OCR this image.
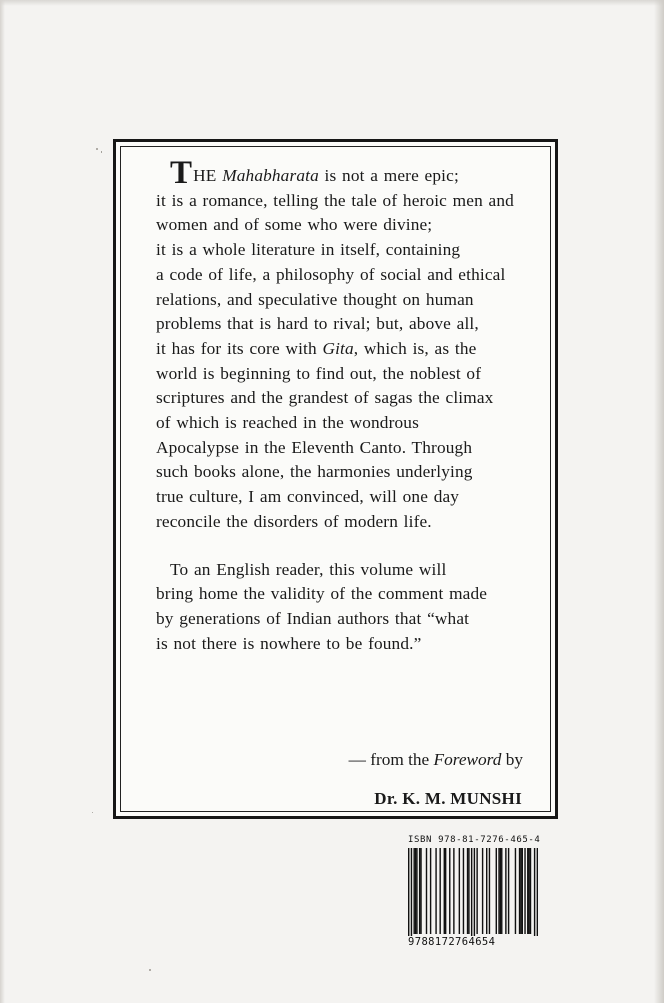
THE Mahabharata is not a mere epic;
it is a romance, telling the tale of heroic men and
women and of some who were divine;
it is a whole literature in itself, containing
a code of life, a philosophy of social and ethical
relations, and speculative thought on human
problems that is hard to rival; but, above all,
it has for its core with Gita, which is, as the
world is beginning to find out, the noblest of
scriptures and the grandest of sagas the climax
of which is reached in the wondrous
Apocalypse in the Eleventh Canto. Through
such books alone, the harmonies underlying
true culture, I am convinced, will one day
reconcile the disorders of modern life.
To an English reader, this volume will
bring home the validity of the comment made
by generations of Indian authors that “what
is not there is nowhere to be found.”
— from the Foreword by
Dr. K. M. MUNSHI
ISBN 978-81-7276-465-4
9788172764654
